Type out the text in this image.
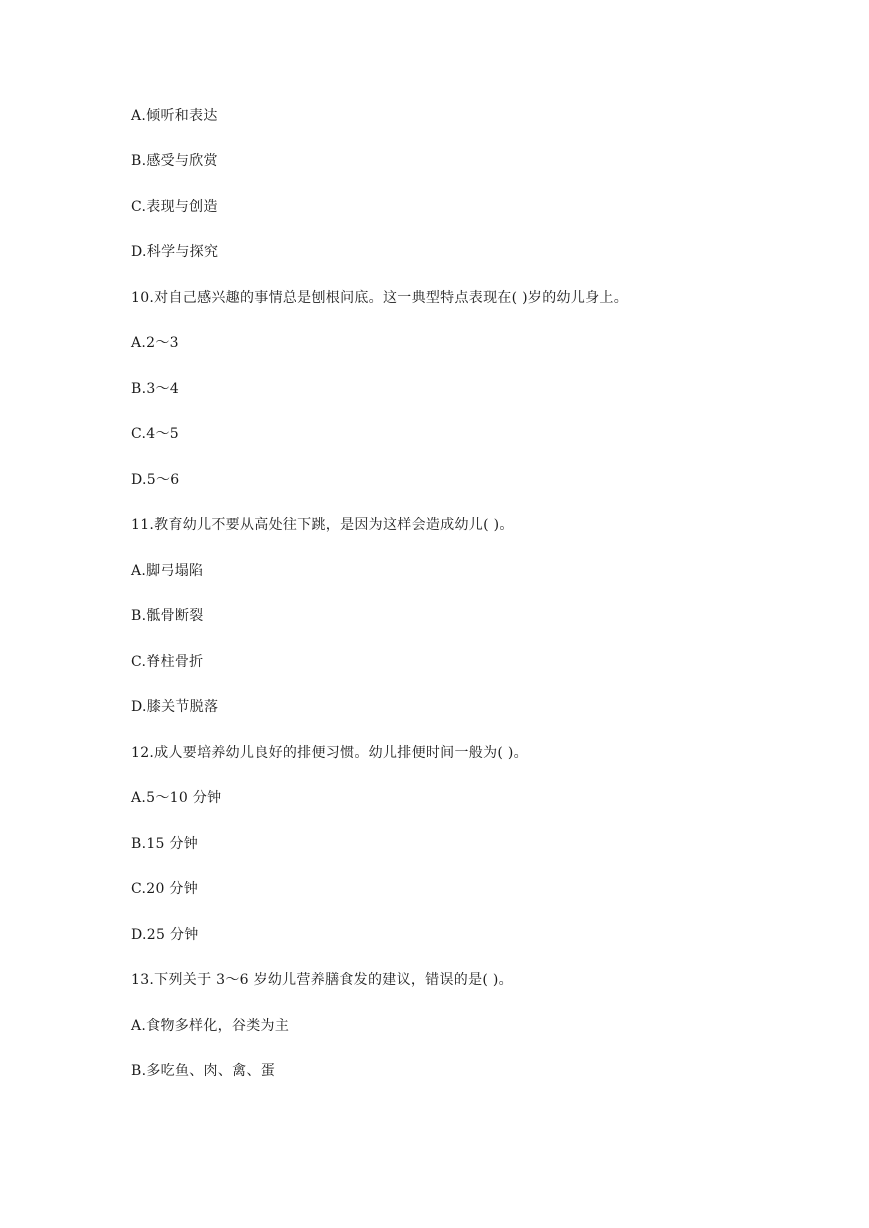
A.倾听和表达
B.感受与欣赏
C.表现与创造
D.科学与探究
10.对自己感兴趣的事情总是刨根问底。这一典型特点表现在( )岁的幼儿身上。
A.2～3
B.3～4
C.4～5
D.5～6
11.教育幼儿不要从高处往下跳，是因为这样会造成幼儿( )。
A.脚弓塌陷
B.骶骨断裂
C.脊柱骨折
D.膝关节脱落
12.成人要培养幼儿良好的排便习惯。幼儿排便时间一般为( )。
A.5～10 分钟
B.15 分钟
C.20 分钟
D.25 分钟
13.下列关于 3～6 岁幼儿营养膳食发的建议，错误的是( )。
A.食物多样化，谷类为主
B.多吃鱼、肉、禽、蛋
